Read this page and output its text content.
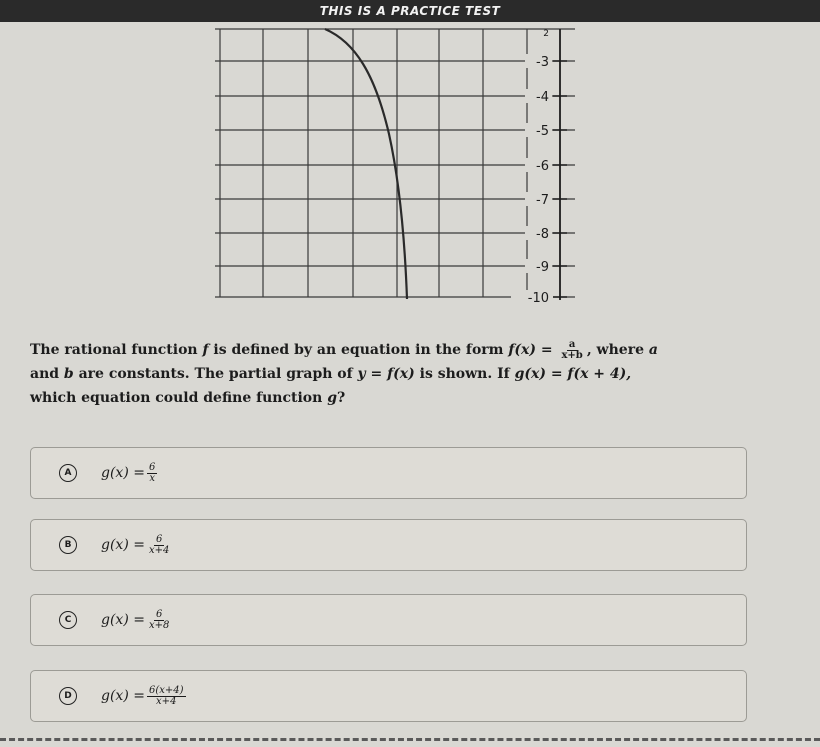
THIS IS A PRACTICE TEST
-3
-4
-5
-6
-7
-8
-9
-10
2
The rational function f is defined by an equation in the form $f(x) = \frac{a}{x+b}$ , where a
and b are constants. The partial graph of y = f(x) is shown. If g(x) = f(x + 4),
which equation could define function g?
A	$g(x) = \frac{6}{x}$
B	$g(x) = \frac{6}{x+4}$
C	$g(x) = \frac{6}{x+8}$
D	$g(x) = \frac{6(x+4)}{x+4}$
